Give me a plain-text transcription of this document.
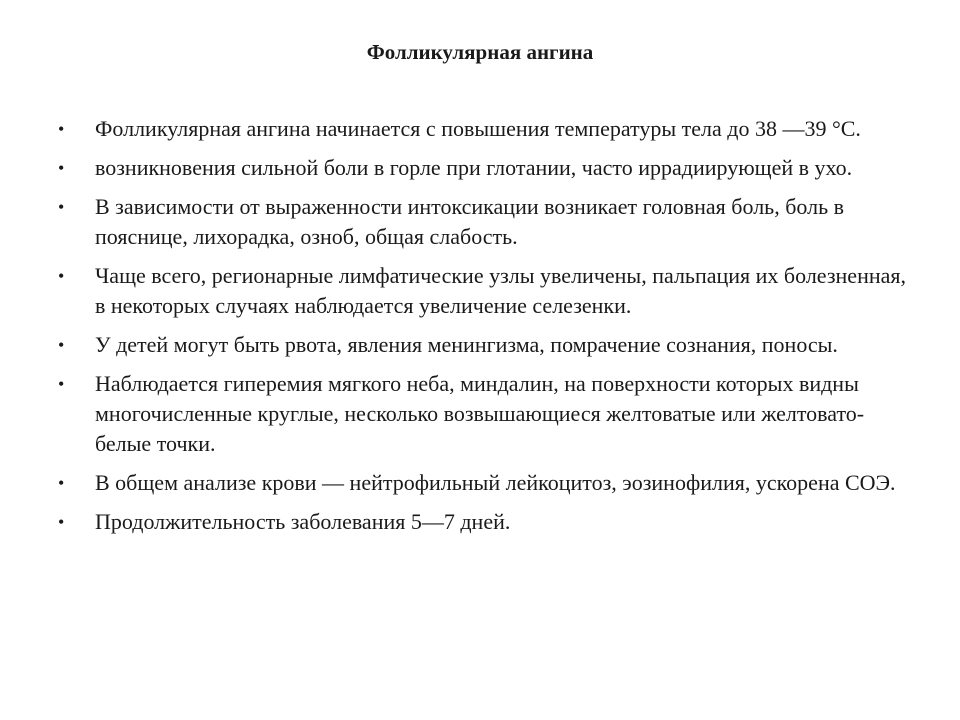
Фолликулярная ангина
• Фолликулярная ангина начинается с повышения температуры тела до 38 —39 °С.
• возникновения сильной боли в горле при глотании, часто иррадиирующей в ухо.
• В зависимости от выраженности интоксикации возникает головная боль, боль в пояснице, лихорадка, озноб, общая слабость.
• Чаще всего, регионарные лимфатические узлы увеличены, пальпация их болезненная, в некоторых случаях наблюдается увеличение селезенки.
• У детей могут быть рвота, явления менингизма, помрачение сознания, поносы.
• Наблюдается гиперемия мягкого неба, миндалин, на поверхности которых видны многочисленные круглые, несколько возвышающиеся желтоватые или желтовато-белые точки.
• В общем анализе крови — нейтрофильный лейкоцитоз, эозинофилия, ускорена СОЭ.
• Продолжительность заболевания 5—7 дней.
